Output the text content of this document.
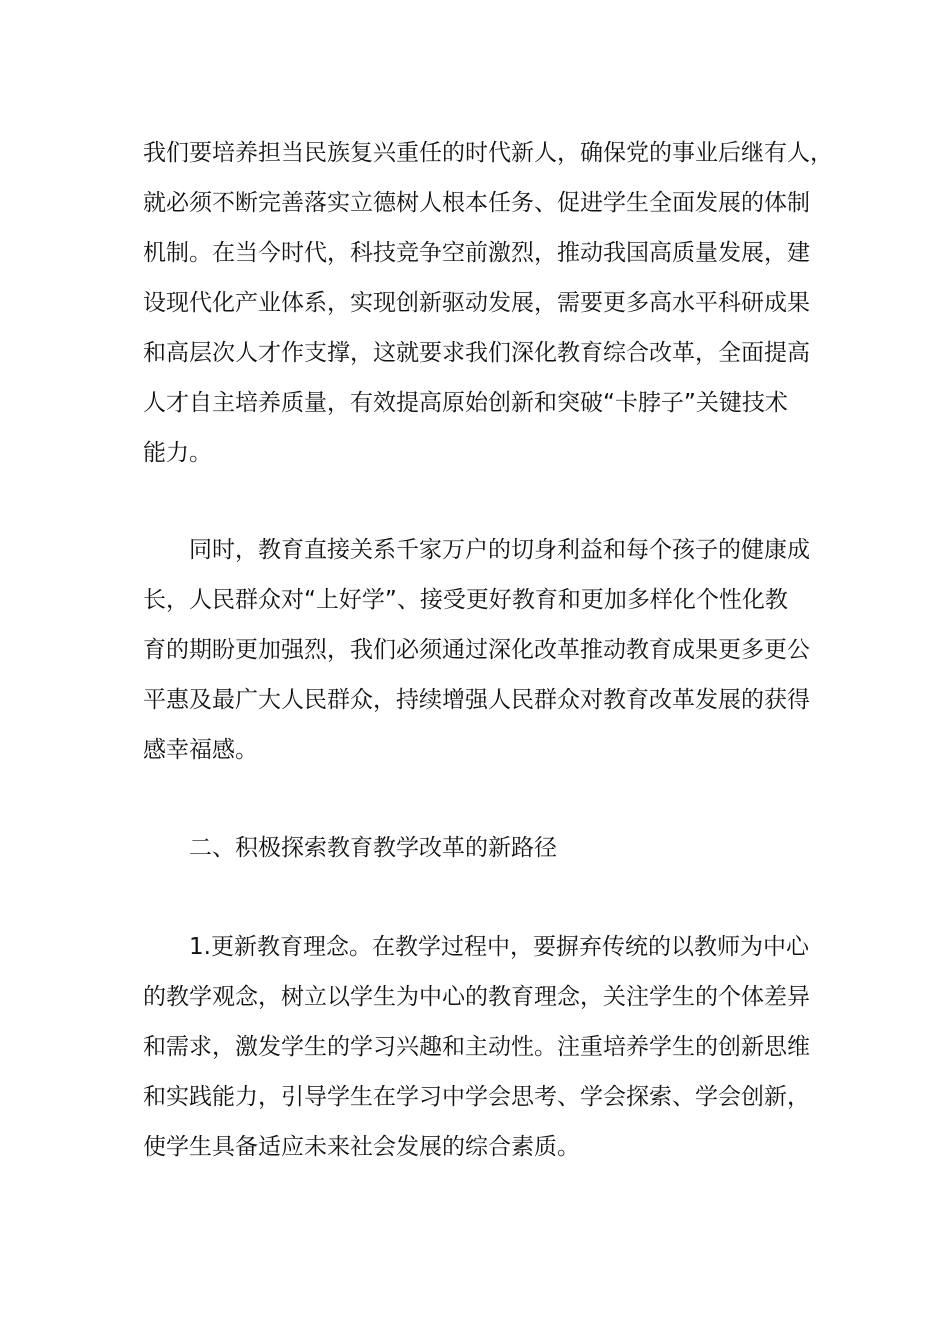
我们要培养担当民族复兴重任的时代新人，确保党的事业后继有人，
就必须不断完善落实立德树人根本任务、促进学生全面发展的体制
机制。在当今时代，科技竞争空前激烈，推动我国高质量发展，建
设现代化产业体系，实现创新驱动发展，需要更多高水平科研成果
和高层次人才作支撑，这就要求我们深化教育综合改革，全面提高
人才自主培养质量，有效提高原始创新和突破“卡脖子”关键技术
能力。
同时，教育直接关系千家万户的切身利益和每个孩子的健康成
长，人民群众对“上好学”、接受更好教育和更加多样化个性化教
育的期盼更加强烈，我们必须通过深化改革推动教育成果更多更公
平惠及最广大人民群众，持续增强人民群众对教育改革发展的获得
感幸福感。
二、积极探索教育教学改革的新路径
1.更新教育理念。在教学过程中，要摒弃传统的以教师为中心
的教学观念，树立以学生为中心的教育理念，关注学生的个体差异
和需求，激发学生的学习兴趣和主动性。注重培养学生的创新思维
和实践能力，引导学生在学习中学会思考、学会探索、学会创新，
使学生具备适应未来社会发展的综合素质。
